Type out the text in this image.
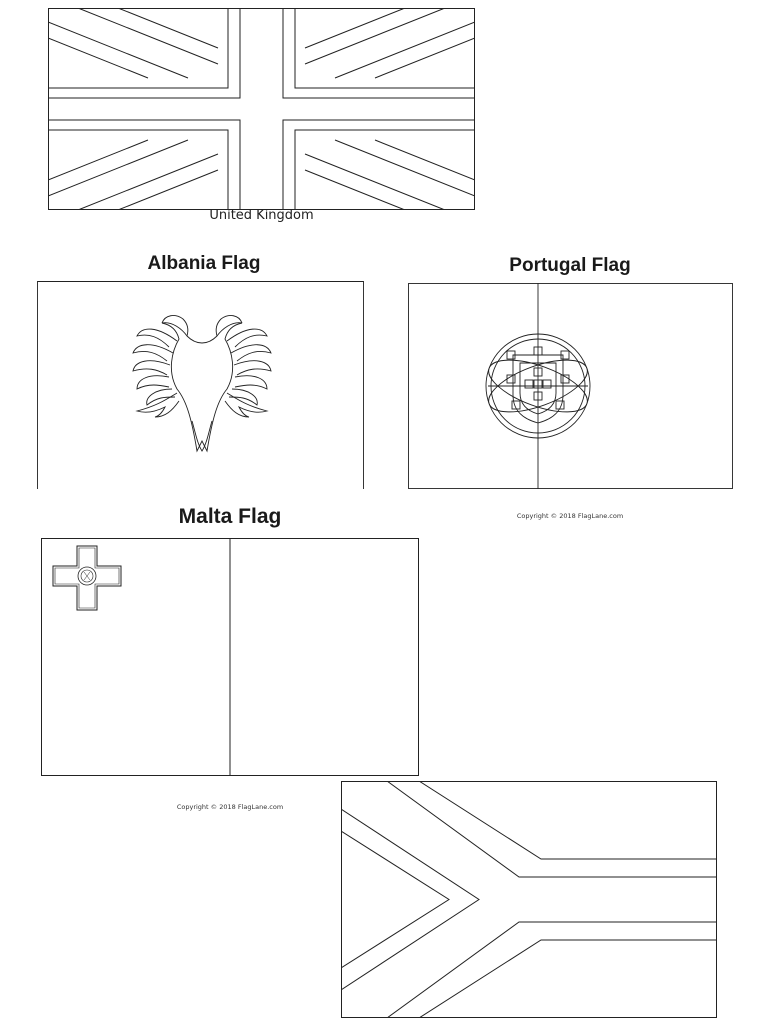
United Kingdom
Albania Flag	Portugal Flag
Copyright © 2018 FlagLane.com
Malta Flag
Copyright © 2018 FlagLane.com
